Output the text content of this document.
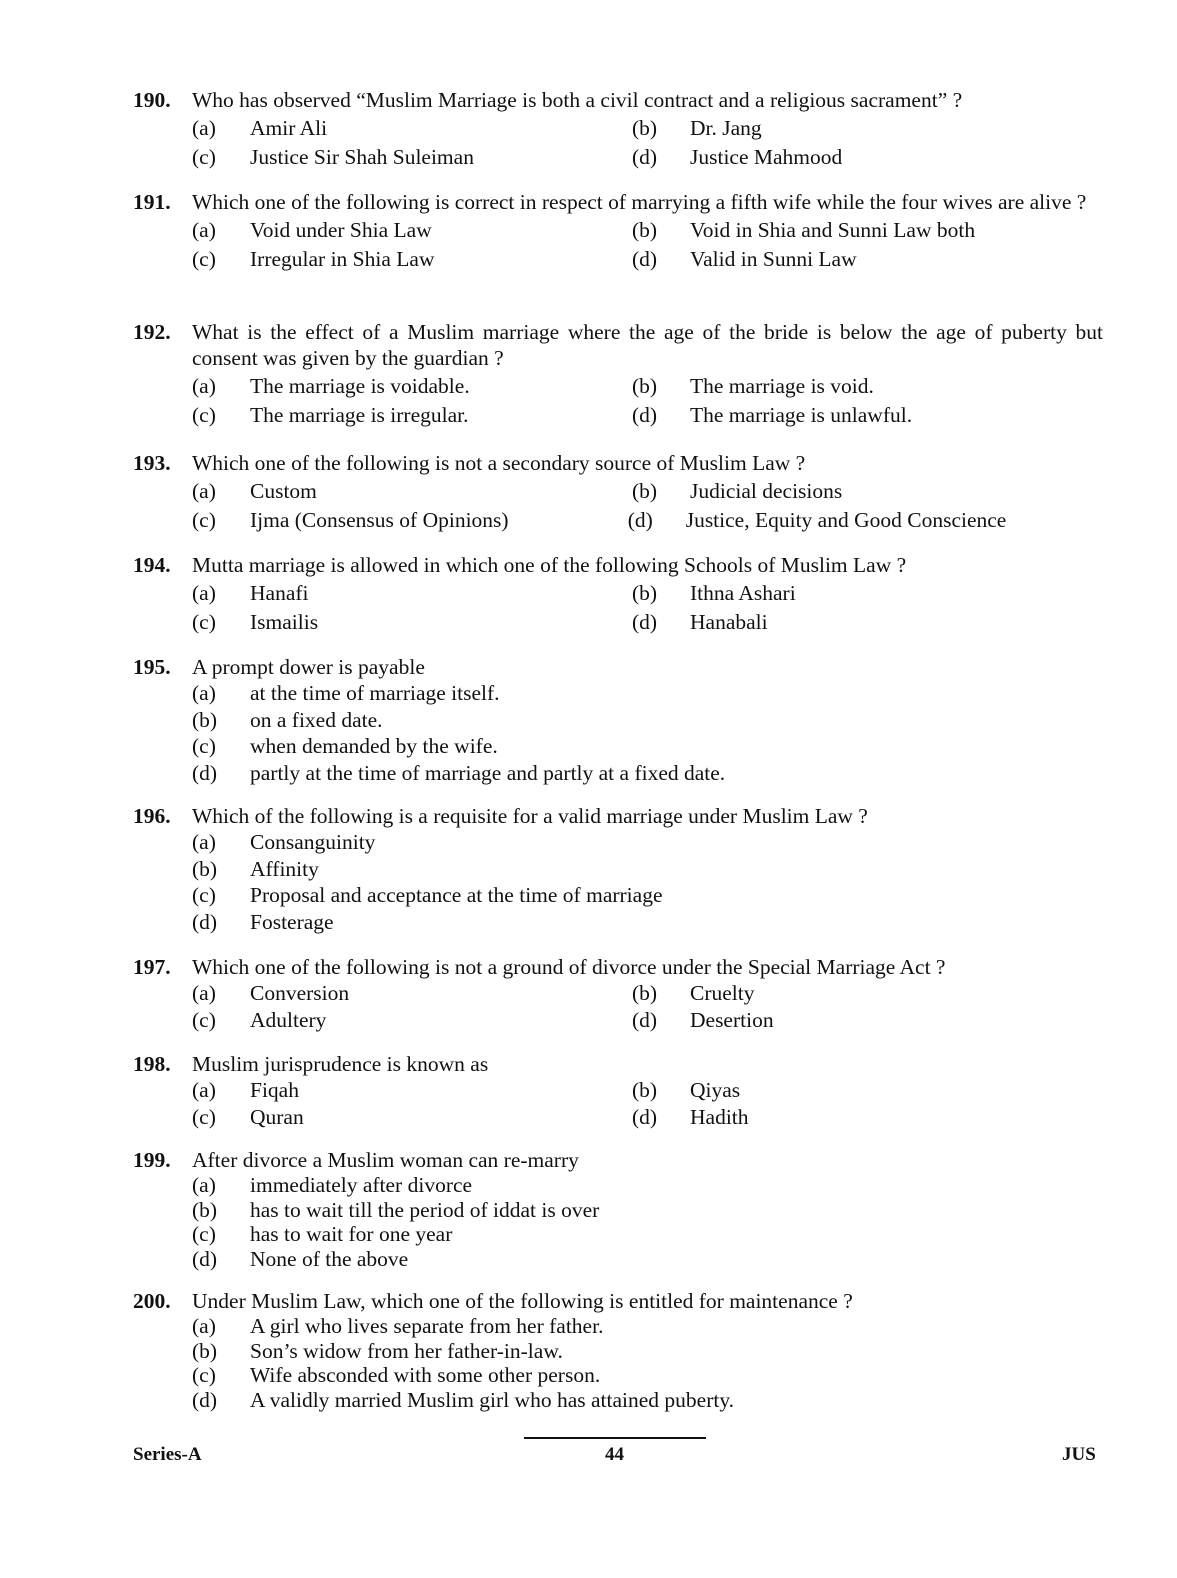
190. Who has observed “Muslim Marriage is both a civil contract and a religious sacrament” ?
(a)	Amir Ali	(b)	Dr. Jang
(c)	Justice Sir Shah Suleiman	(d)	Justice Mahmood
191. Which one of the following is correct in respect of marrying a fifth wife while the four wives are alive ?
(a)	Void under Shia Law	(b)	Void in Shia and Sunni Law both
(c)	Irregular in Shia Law	(d)	Valid in Sunni Law
192. What is the effect of a Muslim marriage where the age of the bride is below the age of puberty but consent was given by the guardian ?
(a)	The marriage is voidable.	(b)	The marriage is void.
(c)	The marriage is irregular.	(d)	The marriage is unlawful.
193. Which one of the following is not a secondary source of Muslim Law ?
(a)	Custom	(b)	Judicial decisions
(c)	Ijma (Consensus of Opinions)	(d)	Justice, Equity and Good Conscience
194. Mutta marriage is allowed in which one of the following Schools of Muslim Law ?
(a)	Hanafi	(b)	Ithna Ashari
(c)	Ismailis	(d)	Hanabali
195. A prompt dower is payable
(a)	at the time of marriage itself.
(b)	on a fixed date.
(c)	when demanded by the wife.
(d)	partly at the time of marriage and partly at a fixed date.
196. Which of the following is a requisite for a valid marriage under Muslim Law ?
(a)	Consanguinity
(b)	Affinity
(c)	Proposal and acceptance at the time of marriage
(d)	Fosterage
197. Which one of the following is not a ground of divorce under the Special Marriage Act ?
(a)	Conversion	(b)	Cruelty
(c)	Adultery	(d)	Desertion
198. Muslim jurisprudence is known as
(a)	Fiqah	(b)	Qiyas
(c)	Quran	(d)	Hadith
199. After divorce a Muslim woman can re-marry
(a)	immediately after divorce
(b)	has to wait till the period of iddat is over
(c)	has to wait for one year
(d)	None of the above
200. Under Muslim Law, which one of the following is entitled for maintenance ?
(a)	A girl who lives separate from her father.
(b)	Son’s widow from her father-in-law.
(c)	Wife absconded with some other person.
(d)	A validly married Muslim girl who has attained puberty.
Series-A	44	JUS
